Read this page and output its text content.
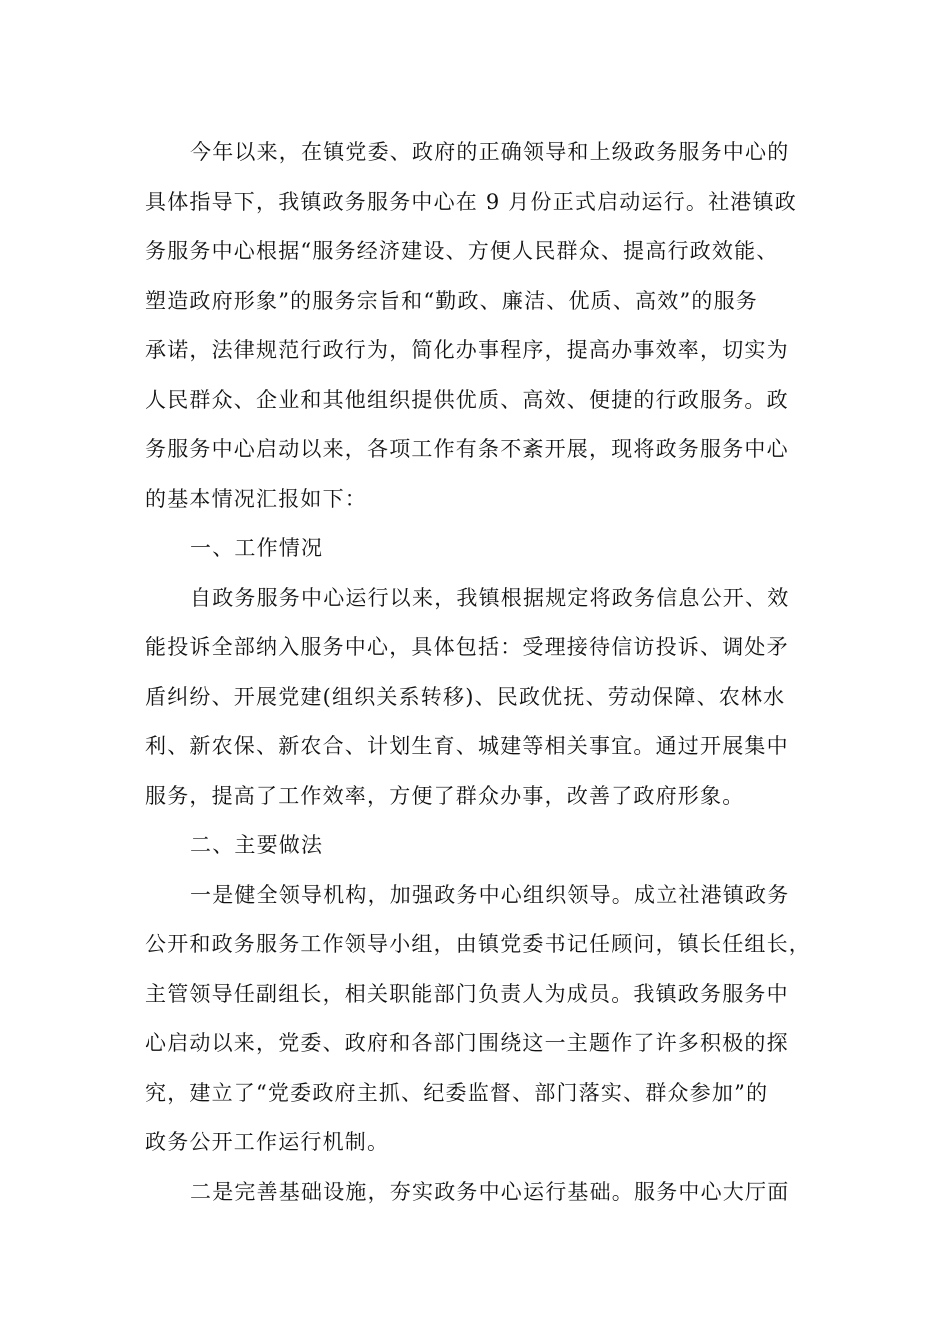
今年以来，在镇党委、政府的正确领导和上级政务服务中心的
具体指导下，我镇政务服务中心在 9 月份正式启动运行。社港镇政
务服务中心根据“服务经济建设、方便人民群众、提高行政效能、
塑造政府形象”的服务宗旨和“勤政、廉洁、优质、高效”的服务
承诺，法律规范行政行为，简化办事程序，提高办事效率，切实为
人民群众、企业和其他组织提供优质、高效、便捷的行政服务。政
务服务中心启动以来，各项工作有条不紊开展，现将政务服务中心
的基本情况汇报如下：
一、工作情况
自政务服务中心运行以来，我镇根据规定将政务信息公开、效
能投诉全部纳入服务中心，具体包括：受理接待信访投诉、调处矛
盾纠纷、开展党建(组织关系转移)、民政优抚、劳动保障、农林水
利、新农保、新农合、计划生育、城建等相关事宜。通过开展集中
服务，提高了工作效率，方便了群众办事，改善了政府形象。
二、主要做法
一是健全领导机构，加强政务中心组织领导。成立社港镇政务
公开和政务服务工作领导小组，由镇党委书记任顾问，镇长任组长，
主管领导任副组长，相关职能部门负责人为成员。我镇政务服务中
心启动以来，党委、政府和各部门围绕这一主题作了许多积极的探
究，建立了“党委政府主抓、纪委监督、部门落实、群众参加”的
政务公开工作运行机制。
二是完善基础设施，夯实政务中心运行基础。服务中心大厅面
